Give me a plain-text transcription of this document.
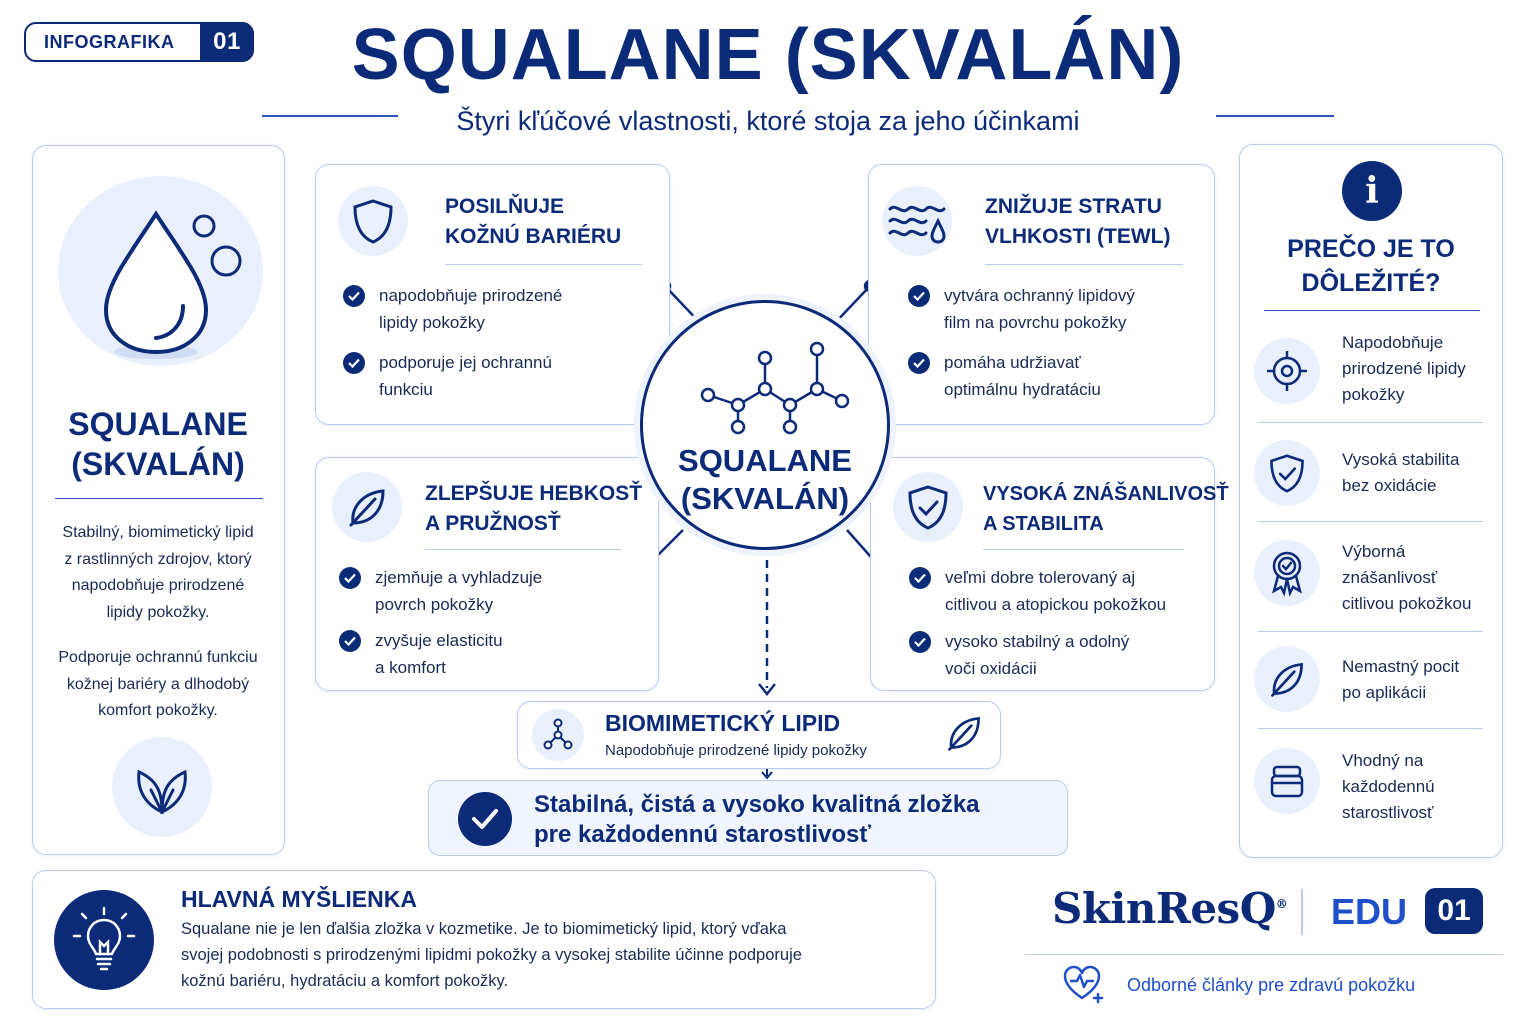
INFOGRAFIKA	01	SQUALANE (SKVALÁN)
Štyri kľúčové vlastnosti, ktoré stoja za jeho účinkami
SQUALANE
(SKVALÁN)
Stabilný, biomimetický lipid
z rastlinných zdrojov, ktorý
napodobňuje prirodzené
lipidy pokožky.
Podporuje ochrannú funkciu
kožnej bariéry a dlhodobý
komfort pokožky.
POSILŇUJE
KOŽNÚ BARIÉRU
napodobňuje prirodzené
lipidy pokožky
podporuje jej ochrannú
funkciu
ZNIŽUJE STRATU
VLHKOSTI (TEWL)
vytvára ochranný lipidový
film na povrchu pokožky
pomáha udržiavať
optimálnu hydratáciu
ZLEPŠUJE HEBKOSŤ
A PRUŽNOSŤ
zjemňuje a vyhladzuje
povrch pokožky
zvyšuje elasticitu
a komfort
VYSOKÁ ZNÁŠANLIVOSŤ
A STABILITA
veľmi dobre tolerovaný aj
citlivou a atopickou pokožkou
vysoko stabilný a odolný
voči oxidácii
SQUALANE
(SKVALÁN)
BIOMIMETICKÝ LIPID
Napodobňuje prirodzené lipidy pokožky
Stabilná, čistá a vysoko kvalitná zložka
pre každodennú starostlivosť
i
PREČO JE TO
DÔLEŽITÉ?
Napodobňuje
prirodzené lipidy
pokožky
Vysoká stabilita
bez oxidácie
Výborná
znášanlivosť
citlivou pokožkou
Nemastný pocit
po aplikácii
Vhodný na
každodennú
starostlivosť
HLAVNÁ MYŠLIENKA
Squalane nie je len ďalšia zložka v kozmetike. Je to biomimetický lipid, ktorý vďaka
svojej podobnosti s prirodzenými lipidmi pokožky a vysokej stabilite účinne podporuje
kožnú bariéru, hydratáciu a komfort pokožky.
SkinResQ® EDU	01
Odborné články pre zdravú pokožku
